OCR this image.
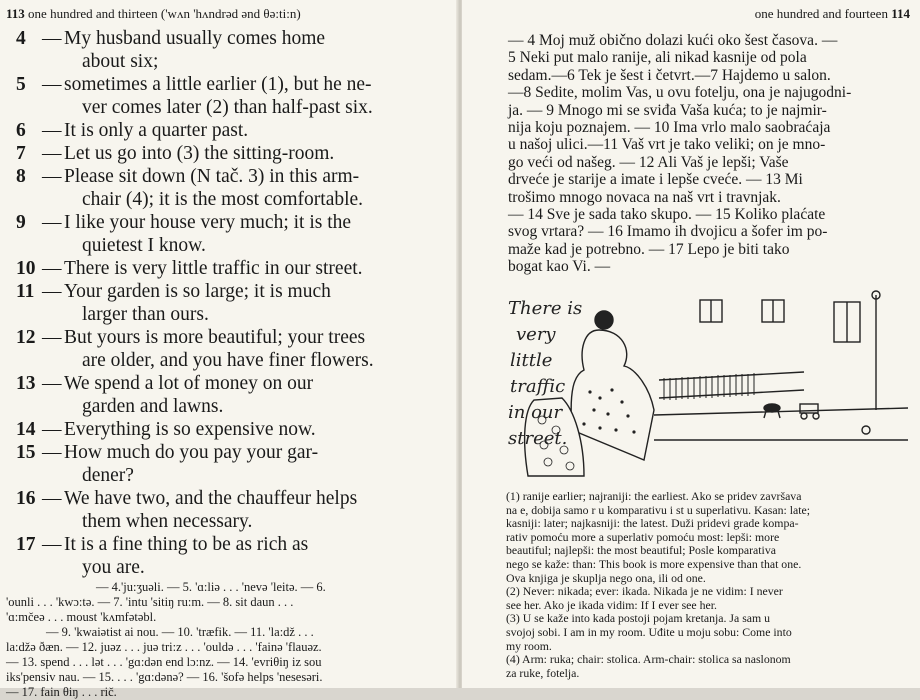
113 one hundred and thirteen ('wʌn 'hʌndrəd ənd θə:ti:n)
4 — My husband usually comes home
about six;
5 — sometimes a little earlier (1), but he ne-
ver comes later (2) than half-past six.
6 — It is only a quarter past.
7 — Let us go into (3) the sitting-room.
8 — Please sit down (N tač. 3) in this arm-
chair (4); it is the most comfortable.
9 — I like your house very much; it is the
quietest I know.
10 — There is very little traffic in our street.
11 — Your garden is so large; it is much
larger than ours.
12 — But yours is more beautiful; your trees
are older, and you have finer flowers.
13 — We spend a lot of money on our
garden and lawns.
14 — Everything is so expensive now.
15 — How much do you pay your gar-
dener?
16 — We have two, and the chauffeur helps
them when necessary.
17 — It is a fine thing to be as rich as
you are.
— 4.'ju:ʒuəli. — 5. 'ɑ:liə . . . 'nevə 'leitə. — 6.
'ounli . . . 'kwɔ:tə. — 7. 'intu 'sitiŋ ru:m. — 8. sit daun . . .
'ɑ:mčeə . . . moust 'kʌmfətəbl.
— 9. 'kwaiətist ai nou. — 10. 'træfik. — 11. 'la:dž . . .
la:džə ðæn. — 12. juəz . . . juə tri:z . . . 'ouldə . . . 'fainə 'flauəz.
— 13. spend . . . lət . . . 'gɑ:dən end lɔ:nz. — 14. 'evriθiŋ iz sou
iks'pensiv nau. — 15. . . . 'gɑ:dənə? — 16. 'šofə helps 'nesesəri.
— 17. fain θiŋ . . . rič.
one hundred and fourteen 114
— 4 Moj muž obično dolazi kući oko šest časova. —
5 Neki put malo ranije, ali nikad kasnije od pola
sedam.—6 Tek je šest i četvrt.—7 Hajdemo u salon.
—8 Sedite, molim Vas, u ovu fotelju, ona je najugodni-
ja. — 9 Mnogo mi se sviđa Vaša kuća; to je najmir-
nija koju poznajem. — 10 Ima vrlo malo saobraćaja
u našoj ulici.—11 Vaš vrt je tako veliki; on je mno-
go veći od našeg. — 12 Ali Vaš je lepši; Vaše
drveće je starije a imate i lepše cveće. — 13 Mi
trošimo mnogo novaca na naš vrt i travnjak.
— 14 Sve je sada tako skupo. — 15 Koliko plaćate
svog vrtara? — 16 Imamo ih dvojicu a šofer im po-
maže kad je potrebno. — 17 Lepo je biti tako
bogat kao Vi. —
There is
very
little
traffic
in our
street.
(1) ranije earlier; najraniji: the earliest. Ako se pridev završava
na e, dobija samo r u komparativu i st u superlativu. Kasan: late;
kasniji: later; najkasniji: the latest. Duži pridevi grade kompa-
rativ pomoću more a superlativ pomoću most: lepši: more
beautiful; najlepši: the most beautiful; Posle komparativa
nego se kaže: than: This book is more expensive than that one.
Ova knjiga je skuplja nego ona, ili od one.
(2) Never: nikada; ever: ikada. Nikada je ne vidim: I never
see her. Ako je ikada vidim: If I ever see her.
(3) U se kaže into kada postoji pojam kretanja. Ja sam u
svojoj sobi. I am in my room. Uđite u moju sobu: Come into
my room.
(4) Arm: ruka; chair: stolica. Arm-chair: stolica sa naslonom
za ruke, fotelja.
